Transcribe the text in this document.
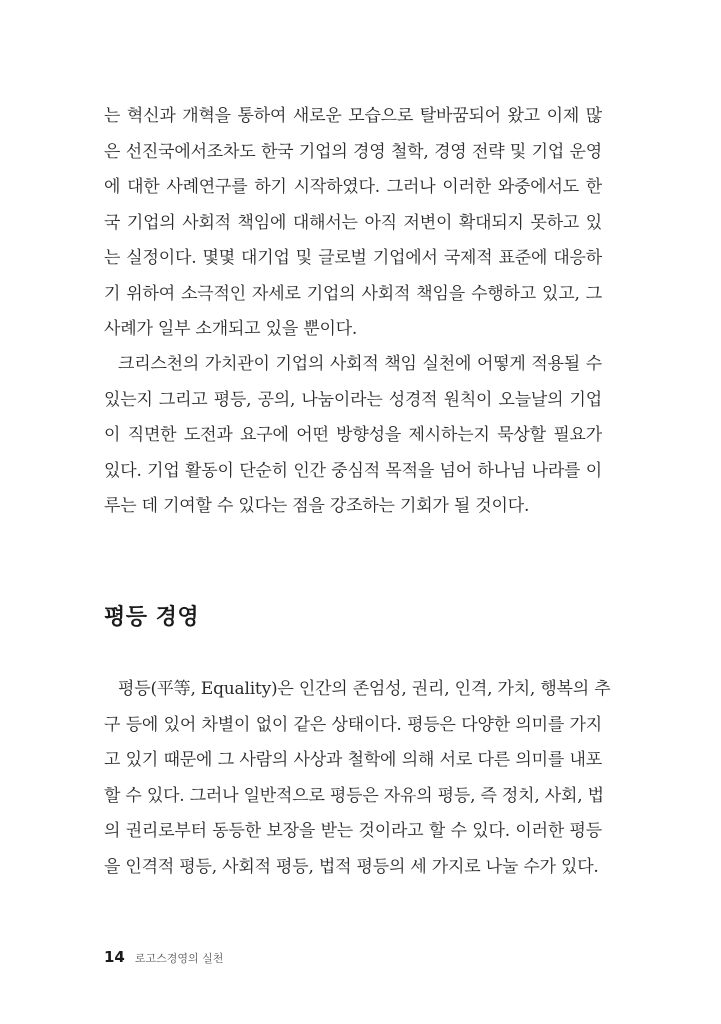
는 혁신과 개혁을 통하여 새로운 모습으로 탈바꿈되어 왔고 이제 많
은 선진국에서조차도 한국 기업의 경영 철학, 경영 전략 및 기업 운영
에 대한 사례연구를 하기 시작하였다. 그러나 이러한 와중에서도 한
국 기업의 사회적 책임에 대해서는 아직 저변이 확대되지 못하고 있
는 실정이다. 몇몇 대기업 및 글로벌 기업에서 국제적 표준에 대응하
기 위하여 소극적인 자세로 기업의 사회적 책임을 수행하고 있고, 그
사례가 일부 소개되고 있을 뿐이다.
크리스천의 가치관이 기업의 사회적 책임 실천에 어떻게 적용될 수
있는지 그리고 평등, 공의, 나눔이라는 성경적 원칙이 오늘날의 기업
이 직면한 도전과 요구에 어떤 방향성을 제시하는지 묵상할 필요가
있다. 기업 활동이 단순히 인간 중심적 목적을 넘어 하나님 나라를 이
루는 데 기여할 수 있다는 점을 강조하는 기회가 될 것이다.
평등 경영
평등(平等, Equality)은 인간의 존엄성, 권리, 인격, 가치, 행복의 추
구 등에 있어 차별이 없이 같은 상태이다. 평등은 다양한 의미를 가지
고 있기 때문에 그 사람의 사상과 철학에 의해 서로 다른 의미를 내포
할 수 있다. 그러나 일반적으로 평등은 자유의 평등, 즉 정치, 사회, 법
의 권리로부터 동등한 보장을 받는 것이라고 할 수 있다. 이러한 평등
을 인격적 평등, 사회적 평등, 법적 평등의 세 가지로 나눌 수가 있다.
14 로고스경영의 실천
